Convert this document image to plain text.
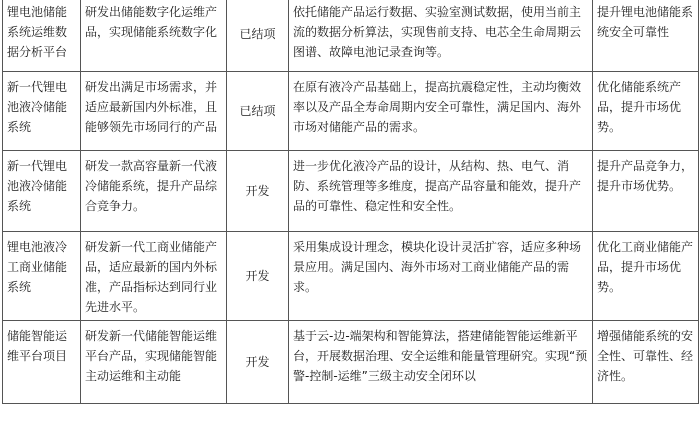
锂电池储能系统运维数据分析平台	研发出储能数字化运维产品，实现储能系统数字化	已结项	依托储能产品运行数据、实验室测试数据，使用当前主流的数据分析算法，实现售前支持、电芯全生命周期云图谱、故障电池记录查询等。	提升锂电池储能系统安全可靠性
新一代锂电池液冷储能系统	研发出满足市场需求，并适应最新国内外标准，且能够领先市场同行的产品	已结项	在原有液冷产品基础上，提高抗震稳定性，主动均衡效率以及产品全寿命周期内安全可靠性，满足国内、海外市场对储能产品的需求。	优化储能系统产品，提升市场优势。
新一代锂电池液冷储能系统	研发一款高容量新一代液冷储能系统，提升产品综合竞争力。	开发	进一步优化液冷产品的设计，从结构、热、电气、消防、系统管理等多维度，提高产品容量和能效，提升产品的可靠性、稳定性和安全性。	提升产品竞争力，提升市场优势。
锂电池液冷工商业储能系统	研发新一代工商业储能产品，适应最新的国内外标准，产品指标达到同行业先进水平。	开发	采用集成设计理念，模块化设计灵活扩容，适应多种场景应用。满足国内、海外市场对工商业储能产品的需求。	优化工商业储能产品，提升市场优势。
储能智能运维平台项目	研发新一代储能智能运维平台产品，实现储能智能主动运维和主动能	开发	基于云-边-端架构和智能算法，搭建储能智能运维新平台，开展数据治理、安全运维和能量管理研究。实现“预警-控制-运维”三级主动安全闭环以	增强储能系统的安全性、可靠性、经济性。
